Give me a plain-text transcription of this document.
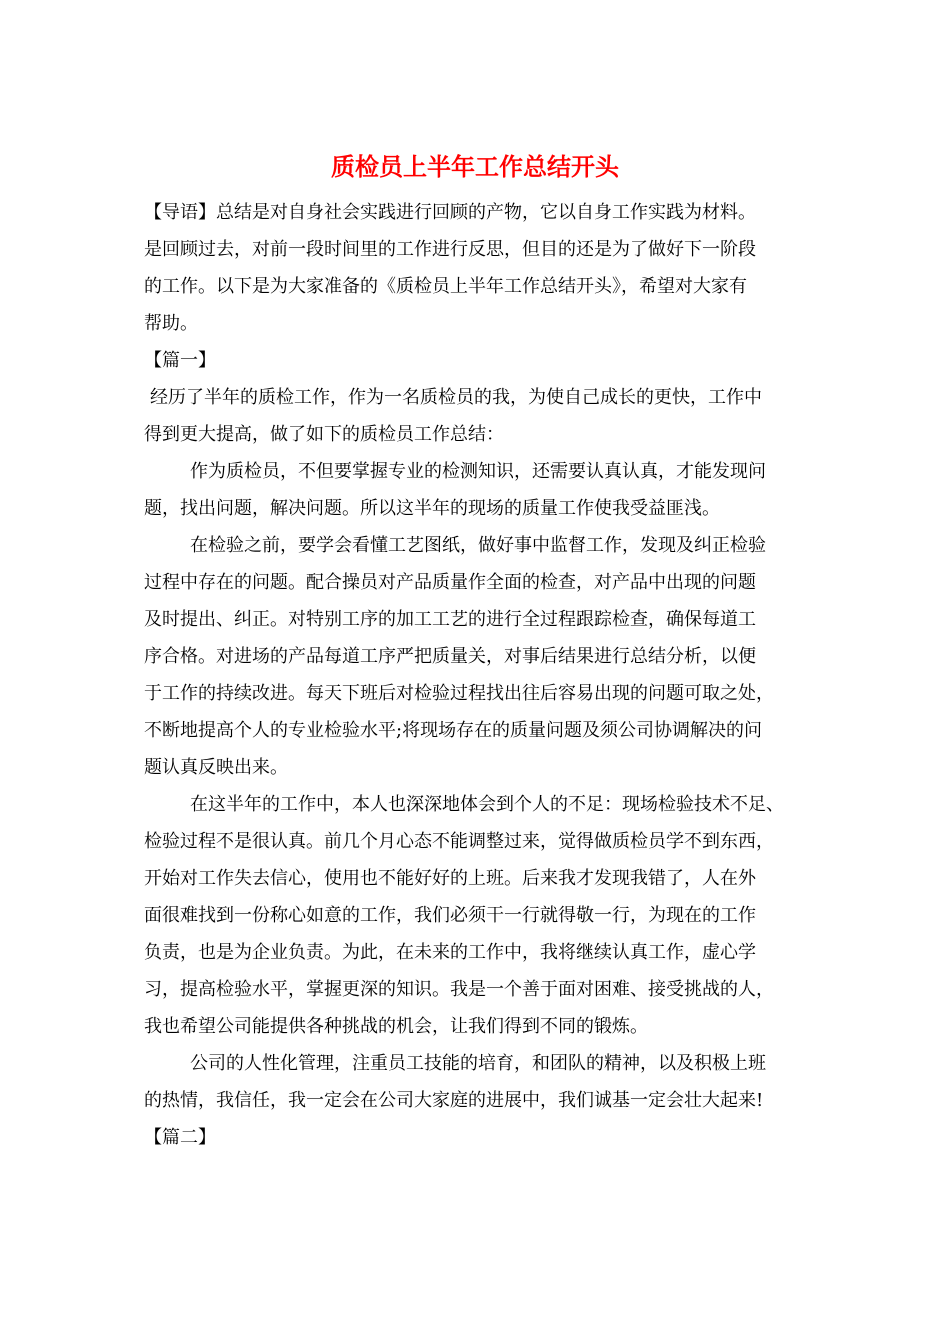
质检员上半年工作总结开头
【导语】总结是对自身社会实践进行回顾的产物，它以自身工作实践为材料。
是回顾过去，对前一段时间里的工作进行反思，但目的还是为了做好下一阶段
的工作。以下是为大家准备的《质检员上半年工作总结开头》，希望对大家有
帮助。
【篇一】
经历了半年的质检工作，作为一名质检员的我，为使自己成长的更快，工作中
得到更大提高，做了如下的质检员工作总结：
作为质检员，不但要掌握专业的检测知识，还需要认真认真，才能发现问
题，找出问题，解决问题。所以这半年的现场的质量工作使我受益匪浅。
在检验之前，要学会看懂工艺图纸，做好事中监督工作，发现及纠正检验
过程中存在的问题。配合操员对产品质量作全面的检查，对产品中出现的问题
及时提出、纠正。对特别工序的加工工艺的进行全过程跟踪检查，确保每道工
序合格。对进场的产品每道工序严把质量关，对事后结果进行总结分析，以便
于工作的持续改进。每天下班后对检验过程找出往后容易出现的问题可取之处，
不断地提高个人的专业检验水平;将现场存在的质量问题及须公司协调解决的问
题认真反映出来。
在这半年的工作中，本人也深深地体会到个人的不足：现场检验技术不足、
检验过程不是很认真。前几个月心态不能调整过来，觉得做质检员学不到东西，
开始对工作失去信心，使用也不能好好的上班。后来我才发现我错了，人在外
面很难找到一份称心如意的工作，我们必须干一行就得敬一行，为现在的工作
负责，也是为企业负责。为此，在未来的工作中，我将继续认真工作，虚心学
习，提高检验水平，掌握更深的知识。我是一个善于面对困难、接受挑战的人，
我也希望公司能提供各种挑战的机会，让我们得到不同的锻炼。
公司的人性化管理，注重员工技能的培育，和团队的精神，以及积极上班
的热情，我信任，我一定会在公司大家庭的进展中，我们诚基一定会壮大起来!
【篇二】
